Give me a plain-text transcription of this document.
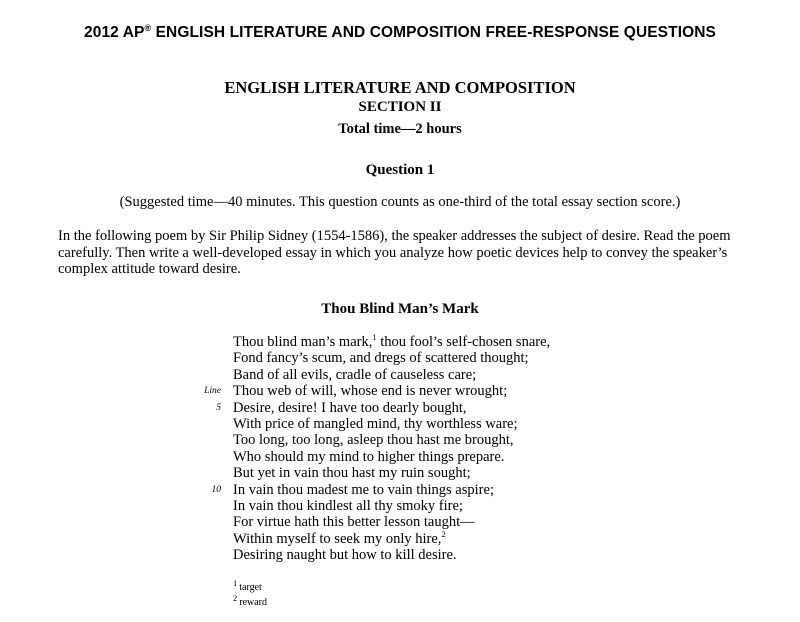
2012 AP® ENGLISH LITERATURE AND COMPOSITION FREE-RESPONSE QUESTIONS
ENGLISH LITERATURE AND COMPOSITION
SECTION II
Total time—2 hours
Question 1
(Suggested time—40 minutes. This question counts as one-third of the total essay section score.)

In the following poem by Sir Philip Sidney (1554-1586), the speaker addresses the subject of desire. Read the poem carefully. Then write a well-developed essay in which you analyze how poetic devices help to convey the speaker’s complex attitude toward desire.

Thou Blind Man’s Mark
Thou blind man’s mark,$^1$ thou fool’s self-chosen snare,
Fond fancy’s scum, and dregs of scattered thought;
Band of all evils, cradle of causeless care;
Line Thou web of will, whose end is never wrought;
5 Desire, desire! I have too dearly bought,
With price of mangled mind, thy worthless ware;
Too long, too long, asleep thou hast me brought,
Who should my mind to higher things prepare.
But yet in vain thou hast my ruin sought;
10 In vain thou madest me to vain things aspire;
In vain thou kindlest all thy smoky fire;
For virtue hath this better lesson taught—
Within myself to seek my only hire,$^2$
Desiring naught but how to kill desire.
$^1$ target
$^2$ reward
